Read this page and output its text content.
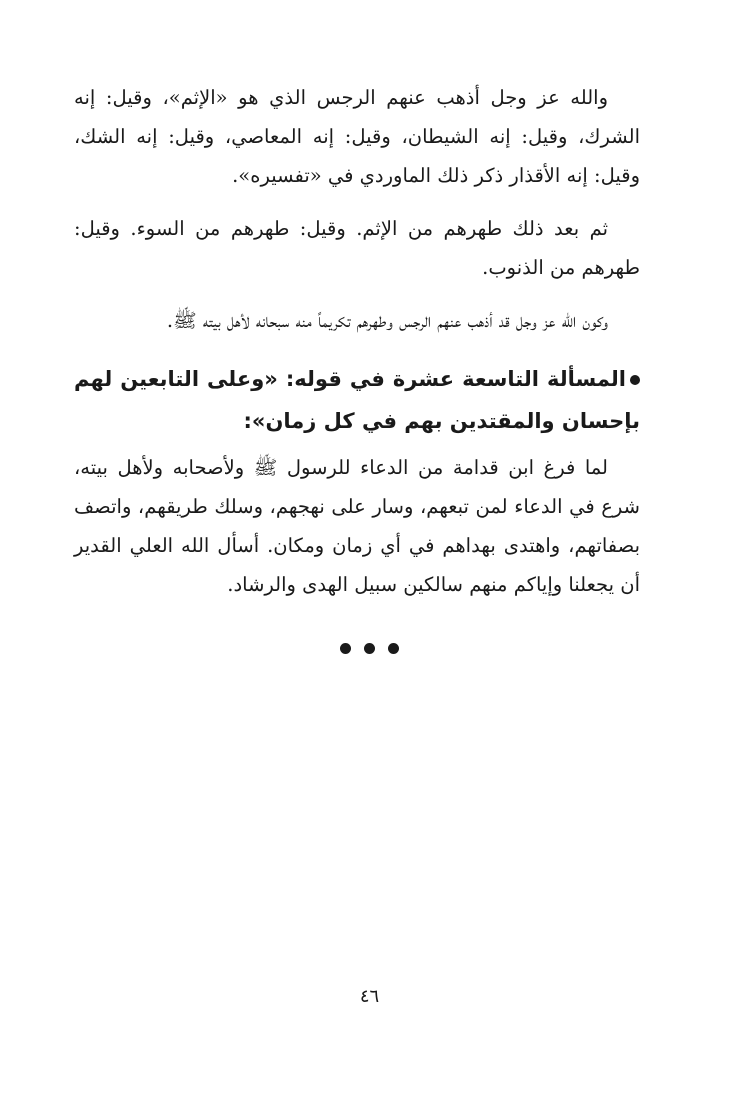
والله عز وجل أذهب عنهم الرجس الذي هو «الإثم»، وقيل: إنه الشرك، وقيل: إنه الشيطان، وقيل: إنه المعاصي، وقيل: إنه الشك، وقيل: إنه الأقذار ذكر ذلك الماوردي في «تفسيره».

ثم بعد ذلك طهرهم من الإثم. وقيل: طهرهم من السوء. وقيل: طهرهم من الذنوب.

وكون الله عز وجل قد أذهب عنهم الرجس وطهرهم تكريماً منه سبحانه لأهل بيته ﷺ.

المسألة التاسعة عشرة في قوله: «وعلى التابعين لهم بإحسان والمقتدين بهم في كل زمان»:

لما فرغ ابن قدامة من الدعاء للرسول ﷺ ولأصحابه ولأهل بيته، شرع في الدعاء لمن تبعهم، وسار على نهجهم، وسلك طريقهم، واتصف بصفاتهم، واهتدى بهداهم في أي زمان ومكان. أسأل الله العلي القدير أن يجعلنا وإياكم منهم سالكين سبيل الهدى والرشاد.

٤٦
